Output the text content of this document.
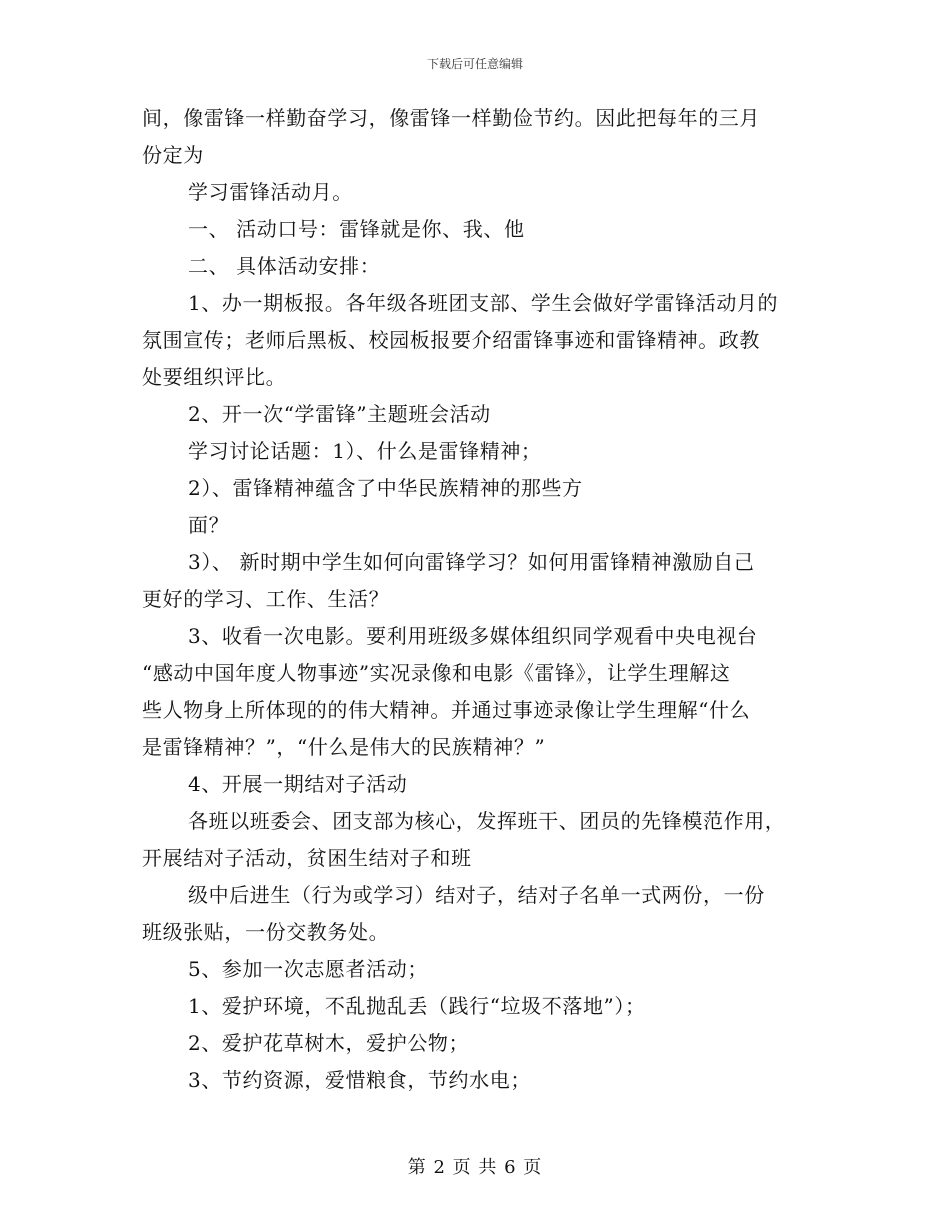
下载后可任意编辑
间，像雷锋一样勤奋学习，像雷锋一样勤俭节约。因此把每年的三月
份定为
学习雷锋活动月。
一、 活动口号：雷锋就是你、我、他
二、 具体活动安排：
1、办一期板报。各年级各班团支部、学生会做好学雷锋活动月的
氛围宣传；老师后黑板、校园板报要介绍雷锋事迹和雷锋精神。政教
处要组织评比。
2、开一次“学雷锋”主题班会活动
学习讨论话题：1）、什么是雷锋精神；
2）、雷锋精神蕴含了中华民族精神的那些方
面？
3）、 新时期中学生如何向雷锋学习？如何用雷锋精神激励自己
更好的学习、工作、生活？
3、收看一次电影。要利用班级多媒体组织同学观看中央电视台
“感动中国年度人物事迹”实况录像和电影《雷锋》，让学生理解这
些人物身上所体现的的伟大精神。并通过事迹录像让学生理解“什么
是雷锋精神？”，“什么是伟大的民族精神？”
4、开展一期结对子活动
各班以班委会、团支部为核心，发挥班干、团员的先锋模范作用，
开展结对子活动，贫困生结对子和班
级中后进生（行为或学习）结对子，结对子名单一式两份，一份
班级张贴，一份交教务处。
5、参加一次志愿者活动；
1、爱护环境，不乱抛乱丢（践行“垃圾不落地”）；
2、爱护花草树木，爱护公物；
3、节约资源，爱惜粮食，节约水电；
第 2 页 共 6 页
